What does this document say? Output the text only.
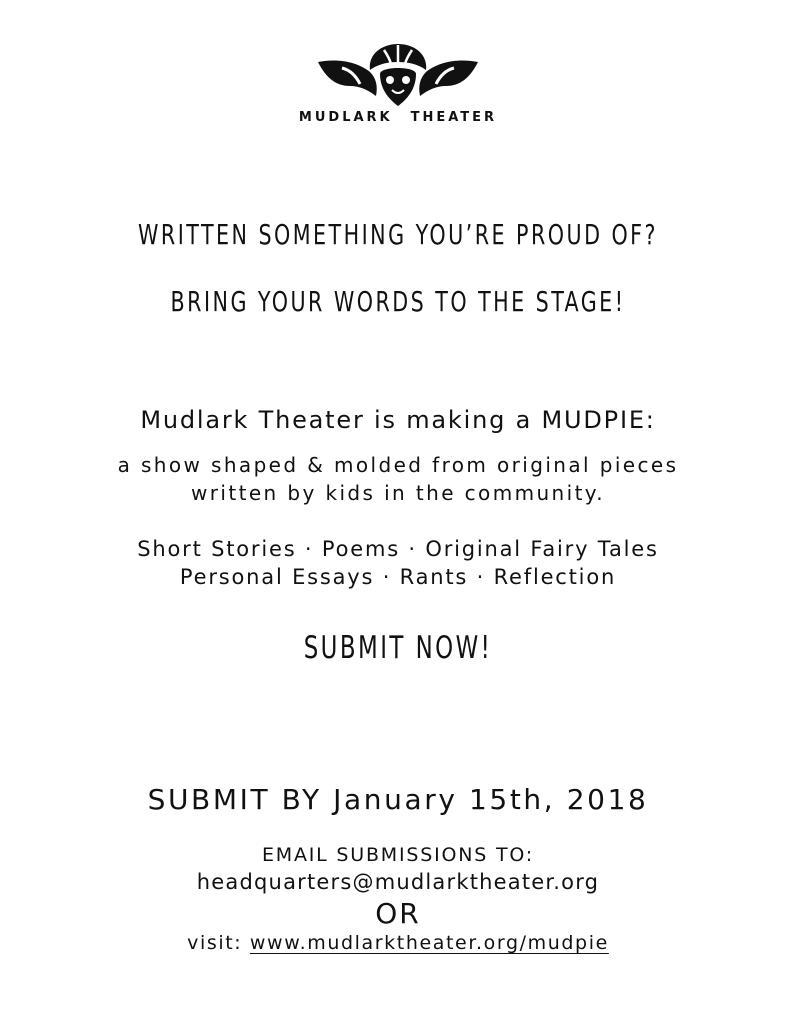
MUDLARK THEATER
WRITTEN SOMETHING YOU’RE PROUD OF?
BRING YOUR WORDS TO THE STAGE!
Mudlark Theater is making a MUDPIE:
a show shaped & molded from original pieces
written by kids in the community.
Short Stories · Poems · Original Fairy Tales
Personal Essays · Rants · Reflection
SUBMIT NOW!
SUBMIT BY January 15th, 2018
EMAIL SUBMISSIONS TO:
headquarters@mudlarktheater.org
OR
visit: www.mudlarktheater.org/mudpie
